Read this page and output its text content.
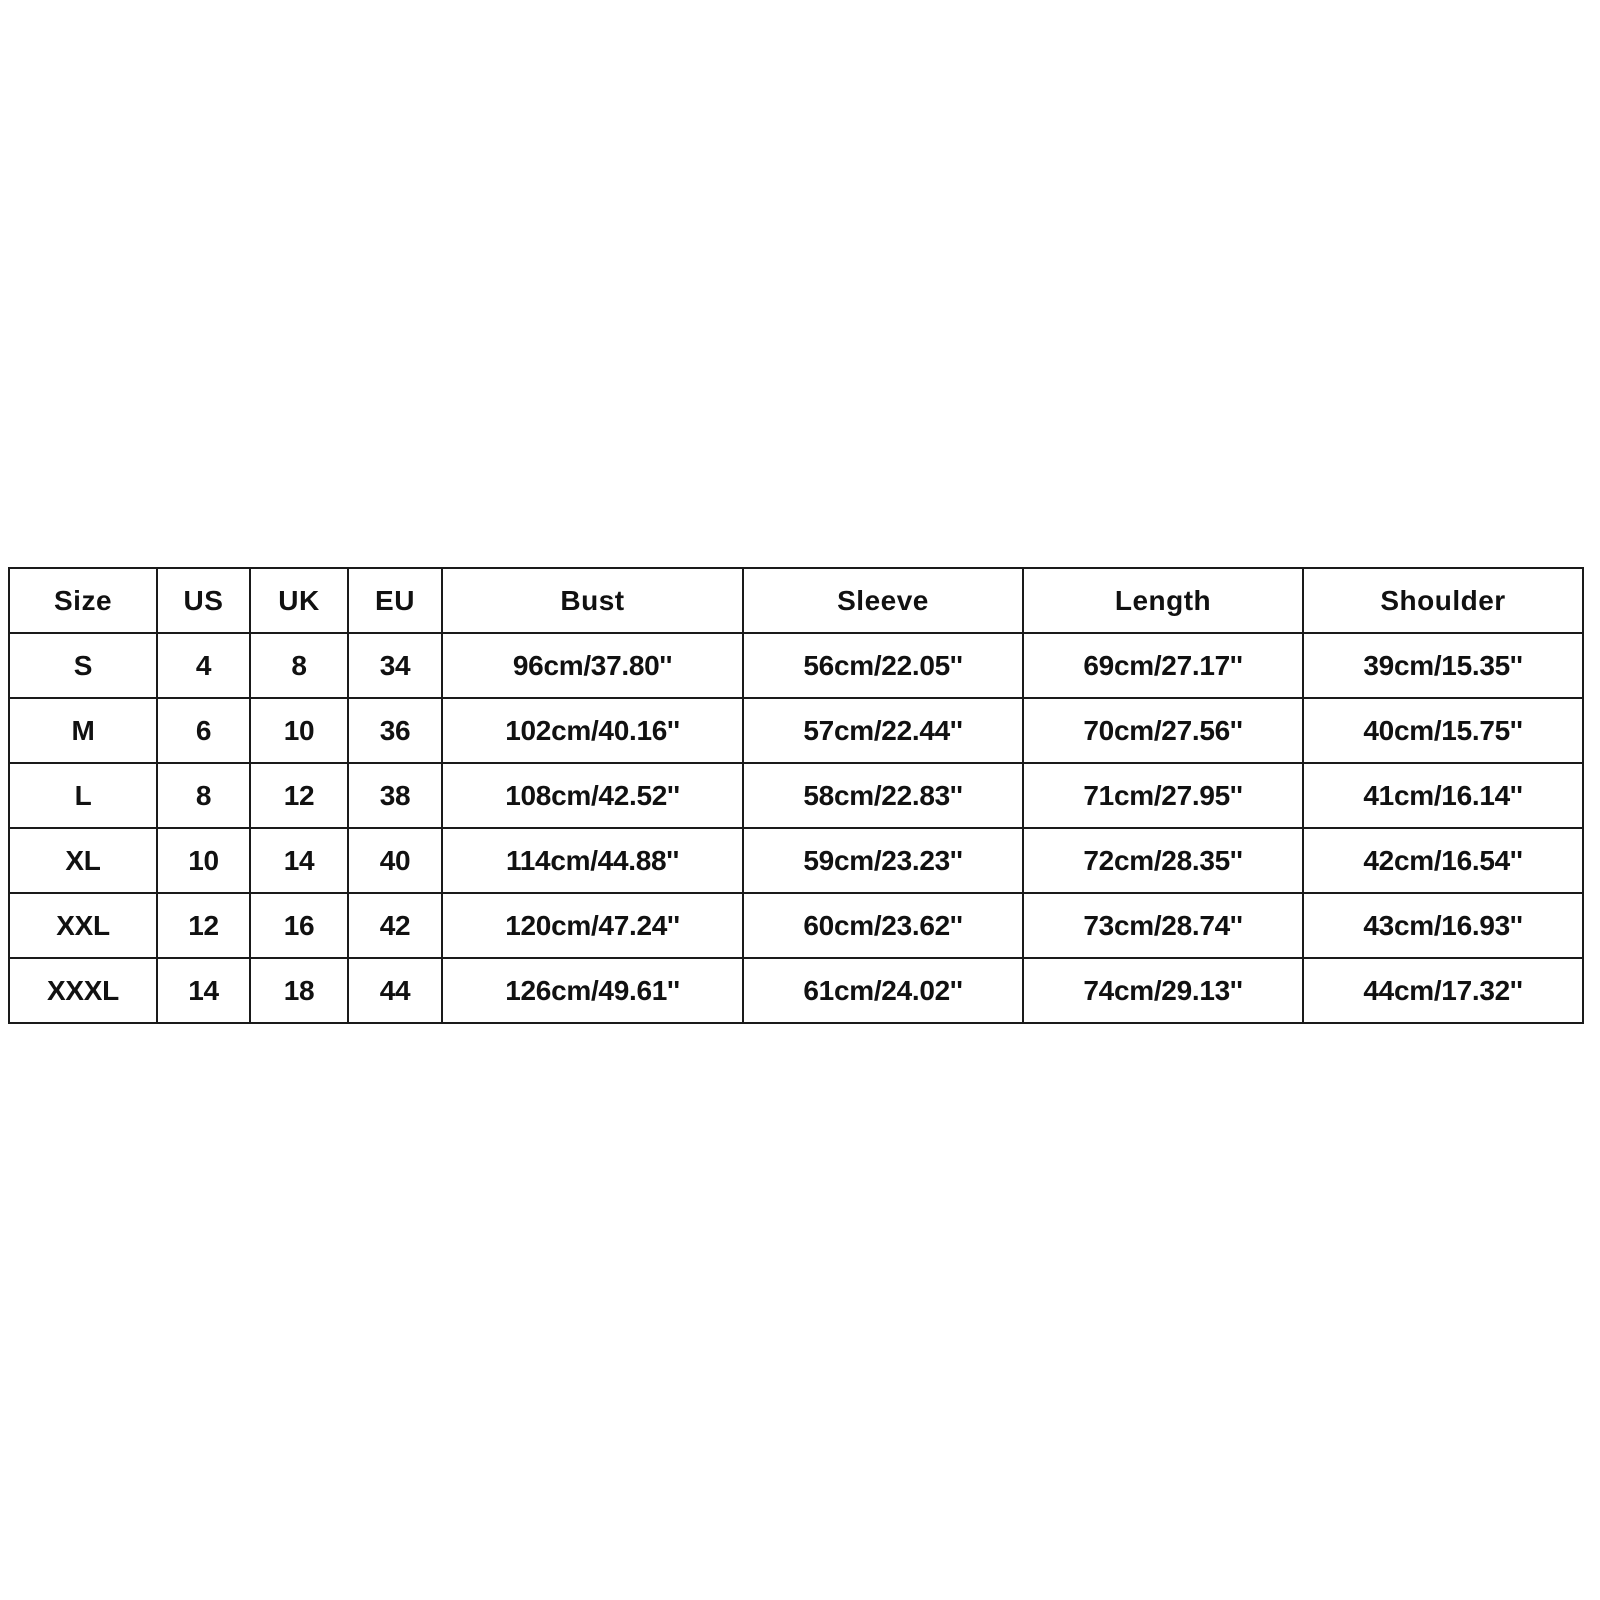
Size	US	UK	EU	Bust	Sleeve	Length	Shoulder
S	4	8	34	96cm/37.80''	56cm/22.05''	69cm/27.17''	39cm/15.35''
M	6	10	36	102cm/40.16''	57cm/22.44''	70cm/27.56''	40cm/15.75''
L	8	12	38	108cm/42.52''	58cm/22.83''	71cm/27.95''	41cm/16.14''
XL	10	14	40	114cm/44.88''	59cm/23.23''	72cm/28.35''	42cm/16.54''
XXL	12	16	42	120cm/47.24''	60cm/23.62''	73cm/28.74''	43cm/16.93''
XXXL	14	18	44	126cm/49.61''	61cm/24.02''	74cm/29.13''	44cm/17.32''
